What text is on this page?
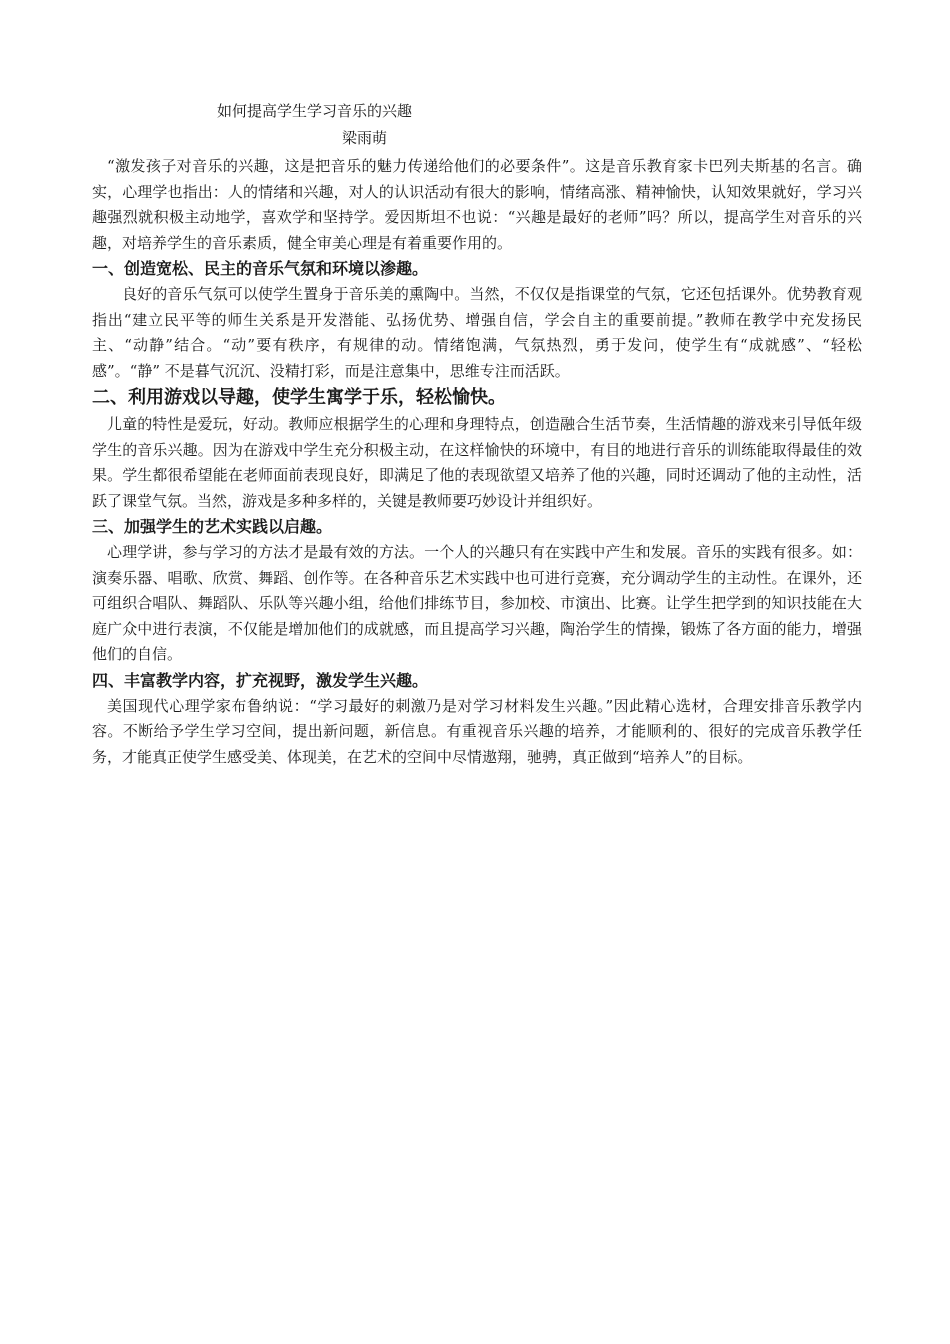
如何提高学生学习音乐的兴趣
梁雨萌

“激发孩子对音乐的兴趣，这是把音乐的魅力传递给他们的必要条件”。这是音乐教育家卡巴列夫斯基的名言。确实，心理学也指出：人的情绪和兴趣，对人的认识活动有很大的影响，情绪高涨、精神愉快，认知效果就好，学习兴趣强烈就积极主动地学，喜欢学和坚持学。爱因斯坦不也说：“兴趣是最好的老师”吗？所以，提高学生对音乐的兴趣，对培养学生的音乐素质，健全审美心理是有着重要作用的。

一、创造宽松、民主的音乐气氛和环境以渗趣。

良好的音乐气氛可以使学生置身于音乐美的熏陶中。当然，不仅仅是指课堂的气氛，它还包括课外。优势教育观指出“建立民平等的师生关系是开发潜能、弘扬优势、增强自信，学会自主的重要前提。”教师在教学中充发扬民主、“动静”结合。“动”要有秩序，有规律的动。情绪饱满，气氛热烈，勇于发问，使学生有“成就感”、“轻松感”。“静” 不是暮气沉沉、没精打彩，而是注意集中，思维专注而活跃。

二、利用游戏以导趣，使学生寓学于乐，轻松愉快。

儿童的特性是爱玩，好动。教师应根据学生的心理和身理特点，创造融合生活节奏，生活情趣的游戏来引导低年级学生的音乐兴趣。因为在游戏中学生充分积极主动，在这样愉快的环境中，有目的地进行音乐的训练能取得最佳的效果。学生都很希望能在老师面前表现良好，即满足了他的表现欲望又培养了他的兴趣，同时还调动了他的主动性，活跃了课堂气氛。当然，游戏是多种多样的，关键是教师要巧妙设计并组织好。

三、加强学生的艺术实践以启趣。

心理学讲，参与学习的方法才是最有效的方法。一个人的兴趣只有在实践中产生和发展。音乐的实践有很多。如：演奏乐器、唱歌、欣赏、舞蹈、创作等。在各种音乐艺术实践中也可进行竞赛，充分调动学生的主动性。在课外，还可组织合唱队、舞蹈队、乐队等兴趣小组，给他们排练节目，参加校、市演出、比赛。让学生把学到的知识技能在大庭广众中进行表演，不仅能是增加他们的成就感，而且提高学习兴趣，陶治学生的情操，锻炼了各方面的能力，增强他们的自信。

四、丰富教学内容，扩充视野，激发学生兴趣。

美国现代心理学家布鲁纳说：“学习最好的刺激乃是对学习材料发生兴趣。”因此精心选材，合理安排音乐教学内容。不断给予学生学习空间，提出新问题，新信息。有重视音乐兴趣的培养，才能顺利的、很好的完成音乐教学任务，才能真正使学生感受美、体现美，在艺术的空间中尽情遨翔，驰骋，真正做到“培养人”的目标。
